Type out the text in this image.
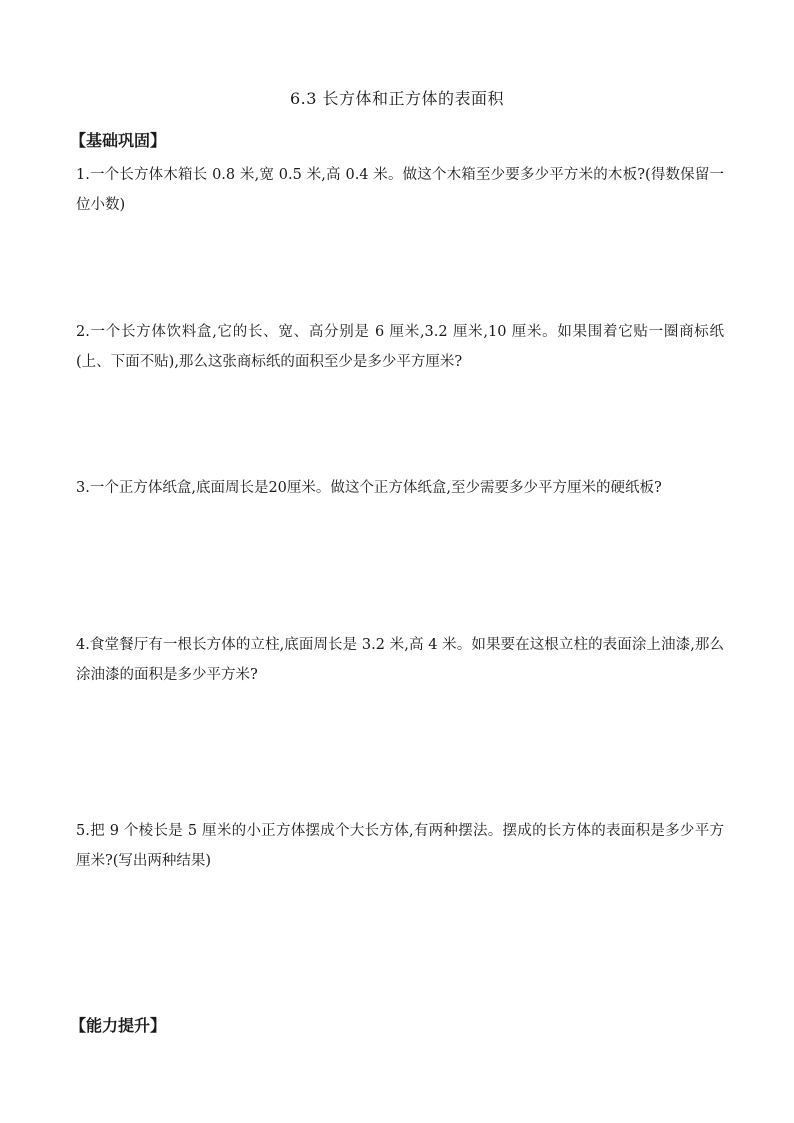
6.3 长方体和正方体的表面积
【基础巩固】
1.一个长方体木箱长 0.8 米,宽 0.5 米,高 0.4 米。做这个木箱至少要多少平方米的木板?(得数保留一位小数)
2.一个长方体饮料盒,它的长、宽、高分别是 6 厘米,3.2 厘米,10 厘米。如果围着它贴一圈商标纸(上、下面不贴),那么这张商标纸的面积至少是多少平方厘米?
3.一个正方体纸盒,底面周长是20厘米。做这个正方体纸盒,至少需要多少平方厘米的硬纸板?
4.食堂餐厅有一根长方体的立柱,底面周长是 3.2 米,高 4 米。如果要在这根立柱的表面涂上油漆,那么涂油漆的面积是多少平方米?
5.把 9 个棱长是 5 厘米的小正方体摆成个大长方体,有两种摆法。摆成的长方体的表面积是多少平方厘米?(写出两种结果)
【能力提升】
